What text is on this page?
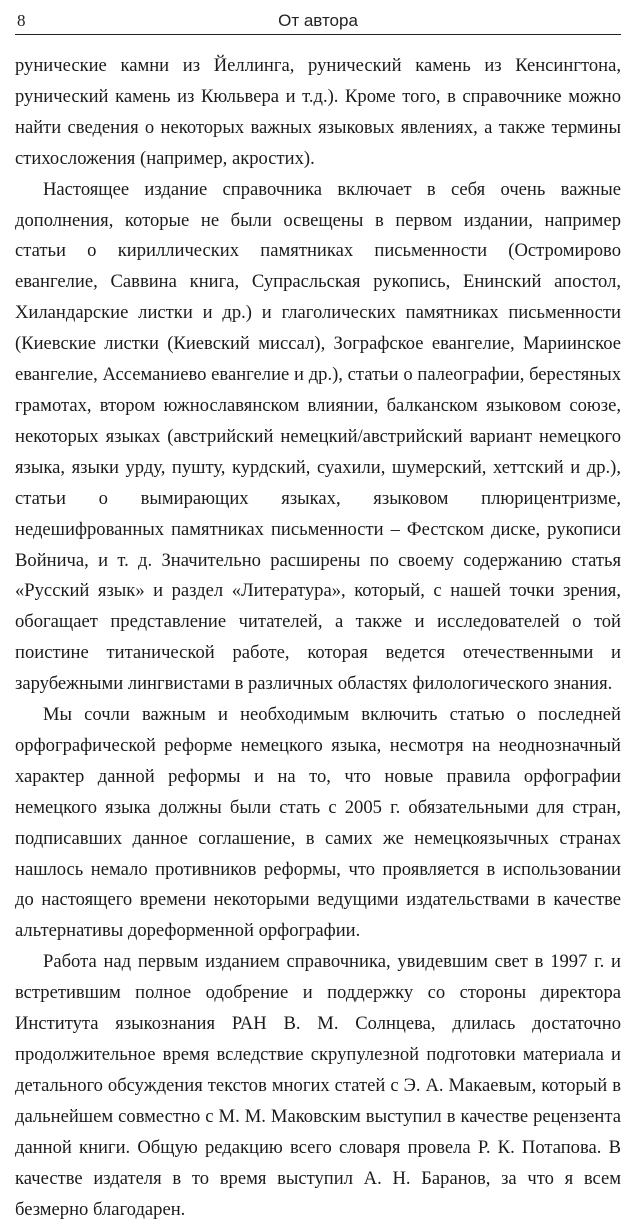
8	От автора

рунические камни из Йеллинга, рунический камень из Кенсингтона, рунический камень из Кюльвера и т.д.). Кроме того, в справочнике можно найти сведения о некоторых важных языковых явлениях, а также термины стихосложения (например, акростих).

Настоящее издание справочника включает в себя очень важные дополнения, которые не были освещены в первом издании, например статьи о кириллических памятниках письменности (Остромирово евангелие, Саввина книга, Супрасльская рукопись, Енинский апостол, Хиландарские листки и др.) и глаголических памятниках письменности (Киевские листки (Киевский миссал), Зографское евангелие, Мариинское евангелие, Ассеманиево евангелие и др.), статьи о палеографии, берестяных грамотах, втором южнославянском влиянии, балканском языковом союзе, некоторых языках (австрийский немецкий/австрийский вариант немецкого языка, языки урду, пушту, курдский, суахили, шумерский, хеттский и др.), статьи о вымирающих языках, языковом плюрицентризме, недешифрованных памятниках письменности – Фестском диске, рукописи Войнича, и т. д. Значительно расширены по своему содержанию статья «Русский язык» и раздел «Литература», который, с нашей точки зрения, обогащает представление читателей, а также и исследователей о той поистине титанической работе, которая ведется отечественными и зарубежными лингвистами в различных областях филологического знания.

Мы сочли важным и необходимым включить статью о последней орфографической реформе немецкого языка, несмотря на неоднозначный характер данной реформы и на то, что новые правила орфографии немецкого языка должны были стать с 2005 г. обязательными для стран, подписавших данное соглашение, в самих же немецкоязычных странах нашлось немало противников реформы, что проявляется в использовании до настоящего времени некоторыми ведущими издательствами в качестве альтернативы дореформенной орфографии.

Работа над первым изданием справочника, увидевшим свет в 1997 г. и встретившим полное одобрение и поддержку со стороны директора Института языкознания РАН В. М. Солнцева, длилась достаточно продолжительное время вследствие скрупулезной подготовки материала и детального обсуждения текстов многих статей с Э. А. Макаевым, который в дальнейшем совместно с М. М. Маковским выступил в качестве рецензента данной книги. Общую редакцию всего словаря провела Р. К. Потапова. В качестве издателя в то время выступил А. Н. Баранов, за что я всем безмерно благодарен.
